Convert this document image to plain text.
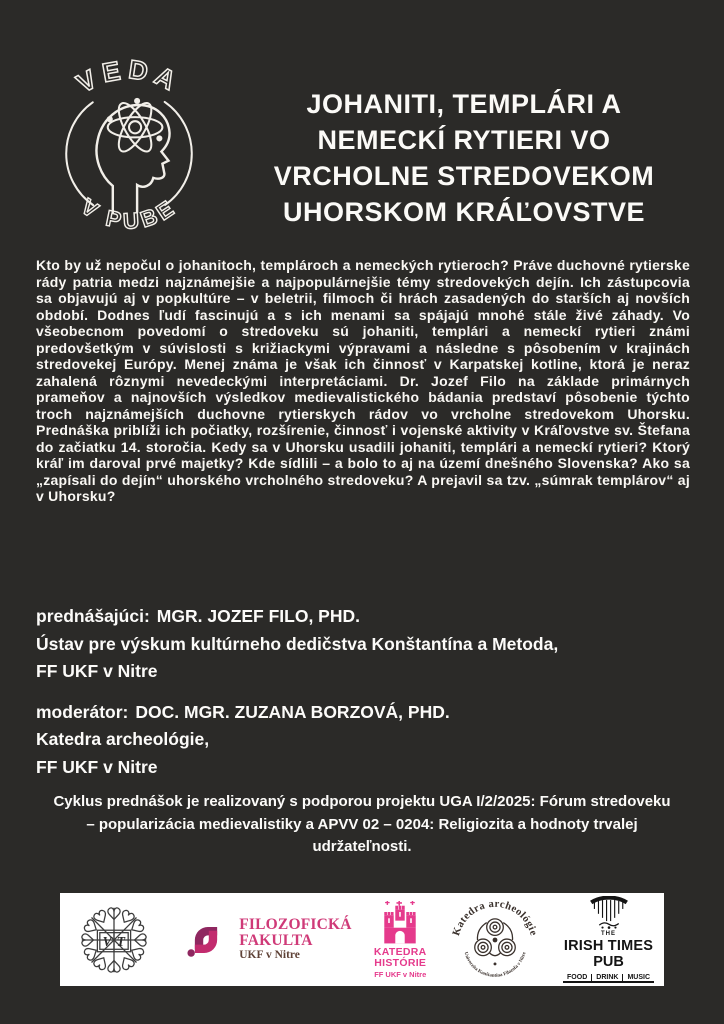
VEDA
V PUBE
JOHANITI, TEMPLÁRI A
NEMECKÍ RYTIERI VO
VRCHOLNE STREDOVEKOM
UHORSKOM KRÁĽOVSTVE
Kto by už nepočul o johanitoch, templároch a nemeckých rytieroch? Práve duchovné rytierske rády patria medzi najznámejšie a najpopulárnejšie témy stredovekých dejín. Ich zástupcovia sa objavujú aj v popkultúre – v beletrii, filmoch či hrách zasadených do starších aj novších období. Dodnes ľudí fascinujú a s ich menami sa spájajú mnohé stále živé záhady. Vo všeobecnom povedomí o stredoveku sú johaniti, templári a nemeckí rytieri známi predovšetkým v súvislosti s križiackymi výpravami a následne s pôsobením v krajinách stredovekej Európy. Menej známa je však ich činnosť v Karpatskej kotline, ktorá je neraz zahalená rôznymi nevedeckými interpretáciami. Dr. Jozef Filo na základe primárnych prameňov a najnovších výsledkov medievalistického bádania predstaví pôsobenie týchto troch najznámejších duchovne rytierskych rádov vo vrcholne stredovekom Uhorsku. Prednáška priblíži ich počiatky, rozšírenie, činnosť i vojenské aktivity v Kráľovstve sv. Štefana do začiatku 14. storočia. Kedy sa v Uhorsku usadili johaniti, templári a nemeckí rytieri? Ktorý kráľ im daroval prvé majetky? Kde sídlili – a bolo to aj na území dnešného Slovenska? Ako sa „zapísali do dejín“ uhorského vrcholného stredoveku? A prejavil sa tzv. „súmrak templárov“ aj v Uhorsku?
prednášajúci: MGR. JOZEF FILO, PHD.
Ústav pre výskum kultúrneho dedičstva Konštantína a Metoda,
FF UKF v Nitre
moderátor: DOC. MGR. ZUZANA BORZOVÁ, PHD.
Katedra archeológie,
FF UKF v Nitre
Cyklus prednášok je realizovaný s podporou projektu UGA I/2/2025: Fórum stredoveku – popularizácia medievalistiky a APVV 02 – 0204: Religiozita a hodnoty trvalej udržateľnosti.
V T
FILOZOFICKÁ
FAKULTA
UKF v Nitre	KATEDRA
HISTÓRIE
FF UKF v Nitre
Katedra archeológie
Univerzita Konštantína Filozofa v Nitre
THE
IRISH TIMES
PUB
FOOD	DRINK	MUSIC
